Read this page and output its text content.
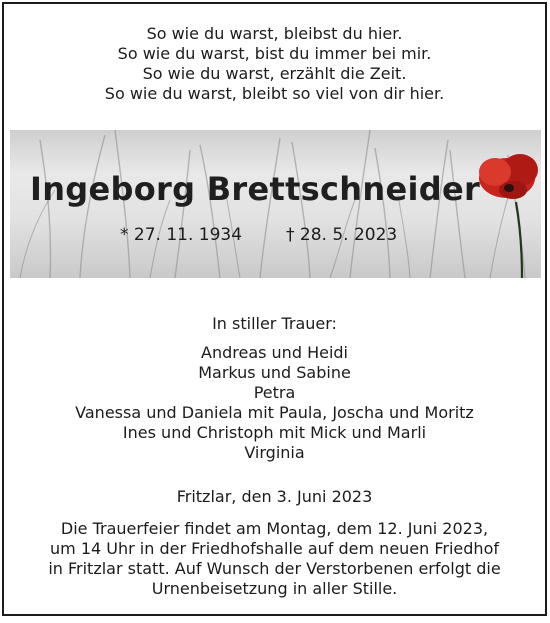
So wie du warst, bleibst du hier.
So wie du warst, bist du immer bei mir.
So wie du warst, erzählt die Zeit.
So wie du warst, bleibt so viel von dir hier.
Ingeborg Brettschneider
* 27. 11. 1934	† 28. 5. 2023
In stiller Trauer:
Andreas und Heidi
Markus und Sabine
Petra
Vanessa und Daniela mit Paula, Joscha und Moritz
Ines und Christoph mit Mick und Marli
Virginia
Fritzlar, den 3. Juni 2023
Die Trauerfeier findet am Montag, dem 12. Juni 2023,
um 14 Uhr in der Friedhofshalle auf dem neuen Friedhof
in Fritzlar statt. Auf Wunsch der Verstorbenen erfolgt die
Urnenbeisetzung in aller Stille.
